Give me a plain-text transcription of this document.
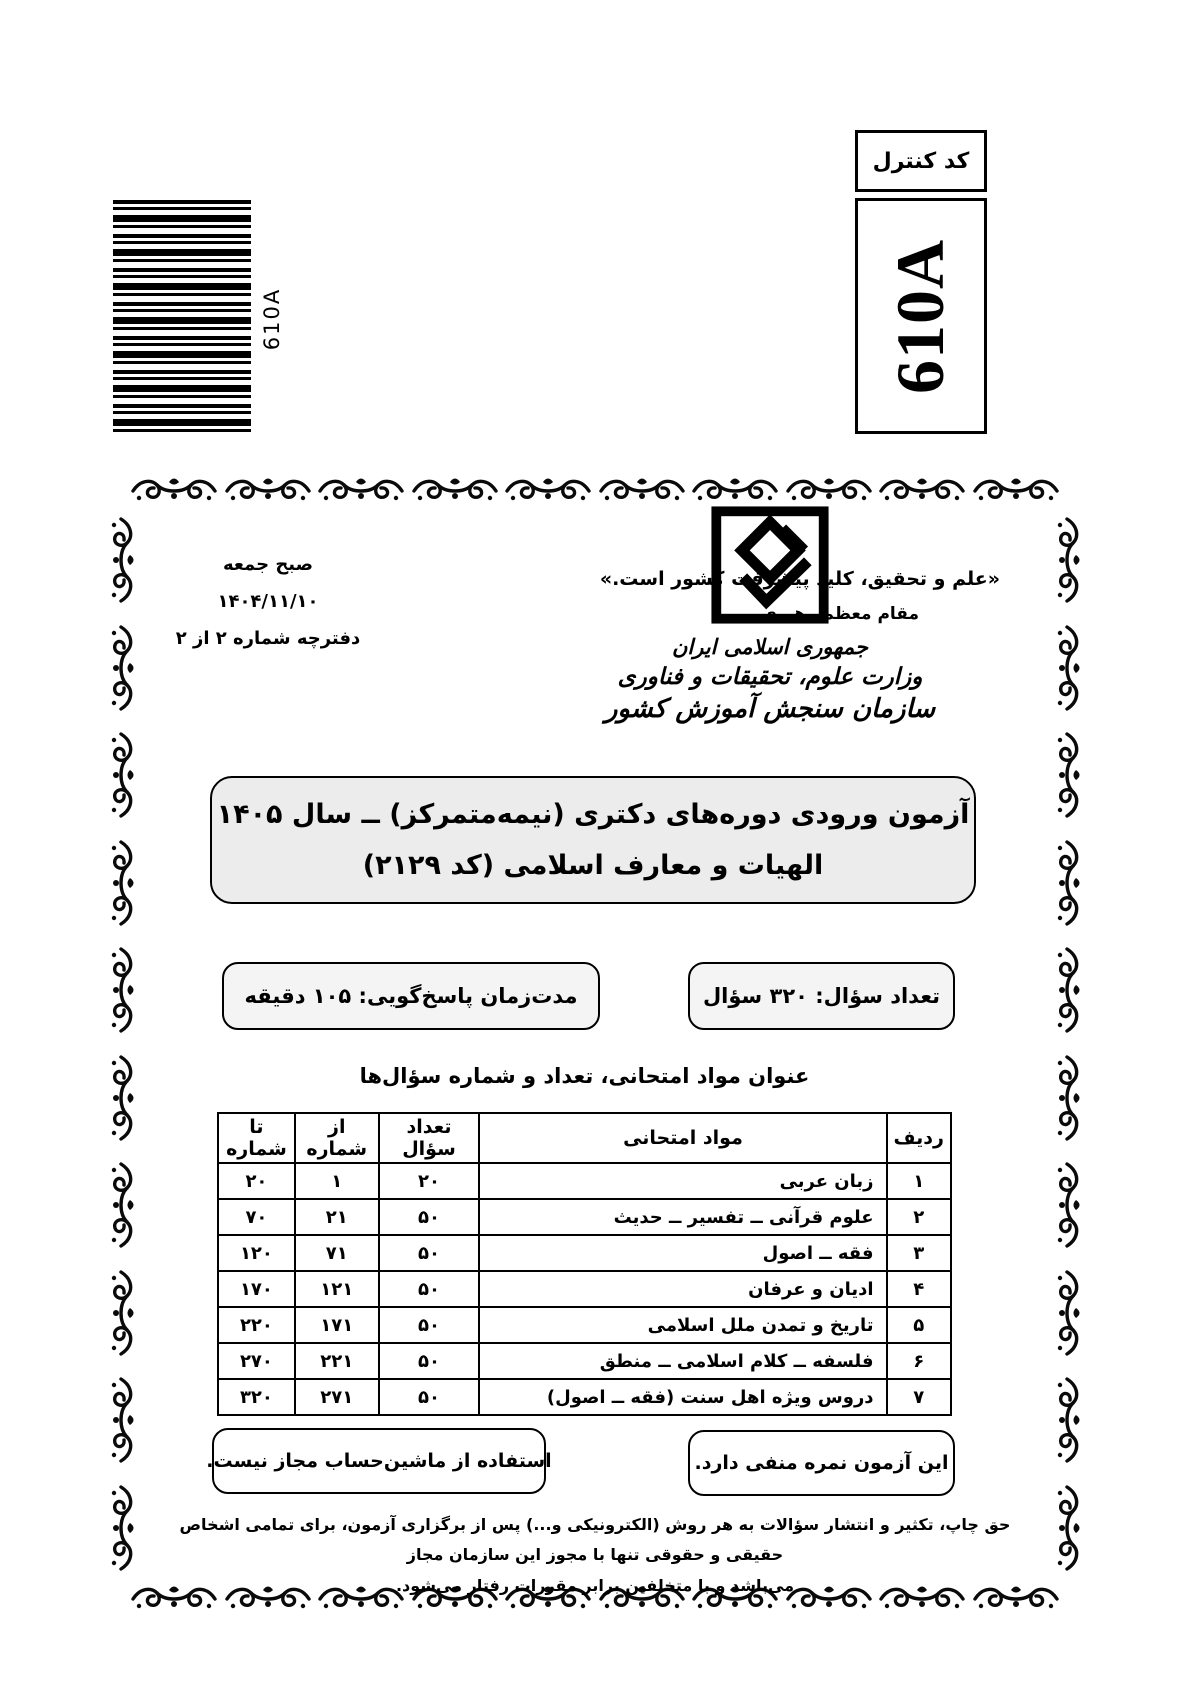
610A
کد کنترل
610A
«علم و تحقیق، کلید پیشرفت کشور است.»
مقام معظم رهبری
جمهوری اسلامی ایران
وزارت علوم، تحقیقات و فناوری
سازمان سنجش آموزش کشور
صبح جمعه
۱۴۰۴/۱۱/۱۰
دفترچه شماره ۲ از ۲
آزمون ورودی دوره‌های دکتری (نیمه‌متمرکز) ــ سال ۱۴۰۵
الهیات و معارف اسلامی (کد ۲۱۲۹)
تعداد سؤال: ۳۲۰ سؤال
مدت‌زمان پاسخ‌گویی: ۱۰۵ دقیقه
عنوان مواد امتحانی، تعداد و شماره سؤال‌ها
ردیف	مواد امتحانی	تعداد سؤال	از شماره	تا شماره
۱	زبان عربی	۲۰	۱	۲۰
۲	علوم قرآنی ــ تفسیر ــ حدیث	۵۰	۲۱	۷۰
۳	فقه ــ اصول	۵۰	۷۱	۱۲۰
۴	ادیان و عرفان	۵۰	۱۲۱	۱۷۰
۵	تاریخ و تمدن ملل اسلامی	۵۰	۱۷۱	۲۲۰
۶	فلسفه ــ کلام اسلامی ــ منطق	۵۰	۲۲۱	۲۷۰
۷	دروس ویژه اهل سنت (فقه ــ اصول)	۵۰	۲۷۱	۳۲۰
این آزمون نمره منفی دارد.
استفاده از ماشین‌حساب مجاز نیست.
حق چاپ، تکثیر و انتشار سؤالات به هر روش (الکترونیکی و...) پس از برگزاری آزمون، برای تمامی اشخاص حقیقی و حقوقی تنها با مجوز این سازمان مجاز
می‌باشد و با متخلفین برابر مقررات رفتار می‌شود.
